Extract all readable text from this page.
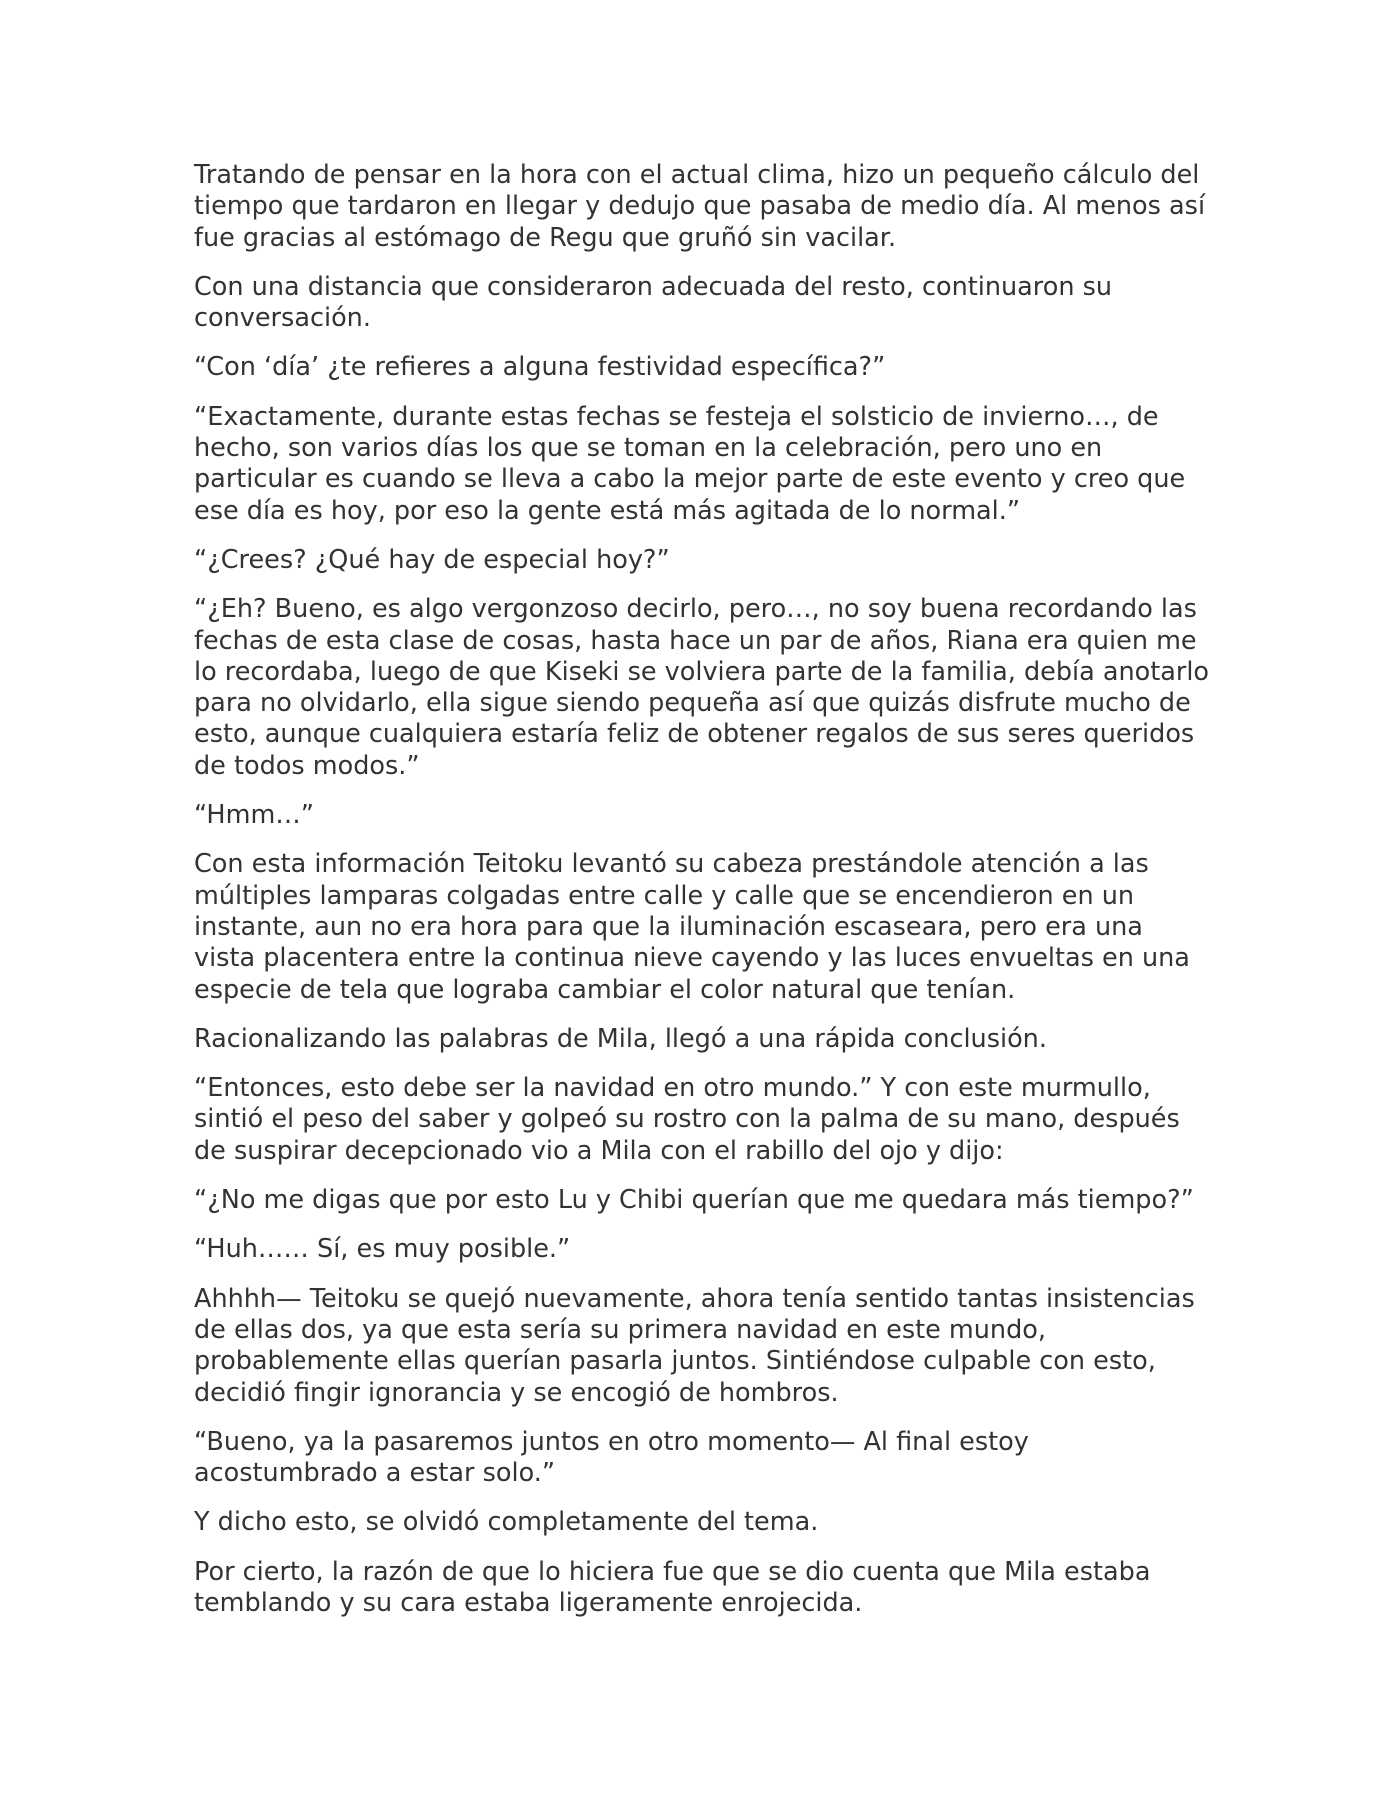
Tratando de pensar en la hora con el actual clima, hizo un pequeño cálculo del tiempo que tardaron en llegar y dedujo que pasaba de medio día. Al menos así fue gracias al estómago de Regu que gruñó sin vacilar.

Con una distancia que consideraron adecuada del resto, continuaron su conversación.

“Con ‘día’ ¿te refieres a alguna festividad específica?”

“Exactamente, durante estas fechas se festeja el solsticio de invierno…, de hecho, son varios días los que se toman en la celebración, pero uno en particular es cuando se lleva a cabo la mejor parte de este evento y creo que ese día es hoy, por eso la gente está más agitada de lo normal.”

“¿Crees? ¿Qué hay de especial hoy?”

“¿Eh? Bueno, es algo vergonzoso decirlo, pero…, no soy buena recordando las fechas de esta clase de cosas, hasta hace un par de años, Riana era quien me lo recordaba, luego de que Kiseki se volviera parte de la familia, debía anotarlo para no olvidarlo, ella sigue siendo pequeña así que quizás disfrute mucho de esto, aunque cualquiera estaría feliz de obtener regalos de sus seres queridos de todos modos.”

“Hmm…”

Con esta información Teitoku levantó su cabeza prestándole atención a las múltiples lamparas colgadas entre calle y calle que se encendieron en un instante, aun no era hora para que la iluminación escaseara, pero era una vista placentera entre la continua nieve cayendo y las luces envueltas en una especie de tela que lograba cambiar el color natural que tenían.

Racionalizando las palabras de Mila, llegó a una rápida conclusión.

“Entonces, esto debe ser la navidad en otro mundo.” Y con este murmullo, sintió el peso del saber y golpeó su rostro con la palma de su mano, después de suspirar decepcionado vio a Mila con el rabillo del ojo y dijo:

“¿No me digas que por esto Lu y Chibi querían que me quedara más tiempo?”

“Huh…… Sí, es muy posible.”

Ahhhh— Teitoku se quejó nuevamente, ahora tenía sentido tantas insistencias de ellas dos, ya que esta sería su primera navidad en este mundo, probablemente ellas querían pasarla juntos. Sintiéndose culpable con esto, decidió fingir ignorancia y se encogió de hombros.

“Bueno, ya la pasaremos juntos en otro momento— Al final estoy acostumbrado a estar solo.”

Y dicho esto, se olvidó completamente del tema.

Por cierto, la razón de que lo hiciera fue que se dio cuenta que Mila estaba temblando y su cara estaba ligeramente enrojecida.
